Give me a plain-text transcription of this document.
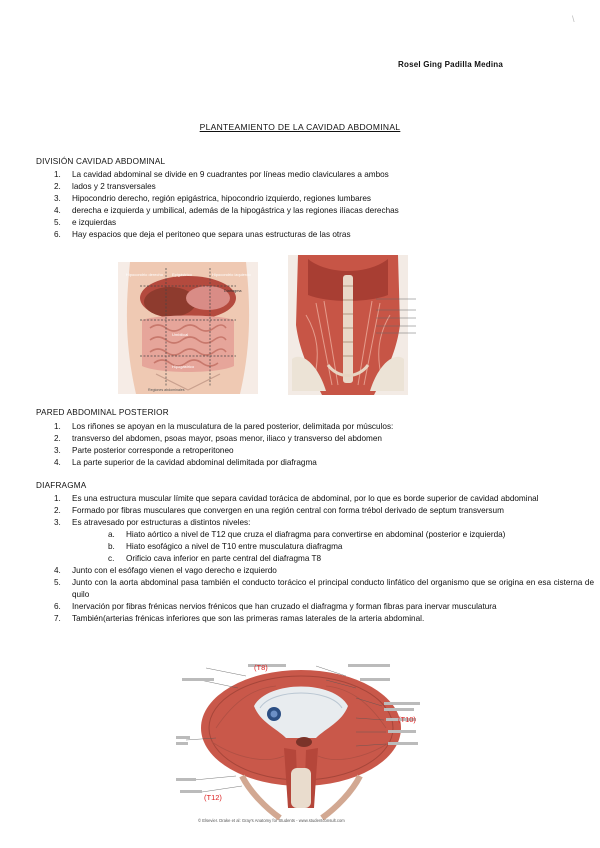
\
Rosel Ging Padilla Medina
PLANTEAMIENTO DE LA CAVIDAD ABDOMINAL
DIVISIÓN CAVIDAD ABDOMINAL
1. La cavidad abdominal se divide en 9 cuadrantes por líneas medio claviculares a ambos
2. lados y 2 transversales
3. Hipocondrio derecho, región epigástrica, hipocondrio izquierdo, regiones lumbares
4. derecha e izquierda y umbilical, además de la hipogástrica y las regiones ilíacas derechas
5. e izquierdas
6. Hay espacios que deja el peritoneo que separa unas estructuras de las otras
Hipocondrio derecho Epigástrico	Hipocondrio izquierdo
Umbilical
Hipogástrico
Diafragma
Regiones abdominales
PARED ABDOMINAL POSTERIOR
1. Los riñones se apoyan en la musculatura de la pared posterior, delimitada por músculos:
2. transverso del abdomen, psoas mayor, psoas menor, iliaco y transverso del abdomen
3. Parte posterior corresponde a retroperitoneo
4. La parte superior de la cavidad abdominal delimitada por diafragma
DIAFRAGMA
1. Es una estructura muscular límite que separa cavidad torácica de abdominal, por lo que es borde superior de cavidad abdominal
2. Formado por fibras musculares que convergen en una región central con forma trébol derivado de septum transversum
3. Es atravesado por estructuras a distintos niveles:
a. Hiato aórtico a nivel de T12 que cruza el diafragma para convertirse en abdominal (posterior e izquierda)
b. Hiato esofágico a nivel de T10 entre musculatura diafragma
c. Orificio cava inferior en parte central del diafragma T8
4. Junto con el esófago vienen el vago derecho e izquierdo
5. Junto con la aorta abdominal pasa también el conducto torácico el principal conducto linfático del organismo que se origina en esa cisterna de quilo
6. Inervación por fibras frénicas nervios frénicos que han cruzado el diafragma y forman fibras para inervar musculatura
7. También(arterias frénicas inferiores que son las primeras ramas laterales de la arteria abdominal.
(T8)
(T10)
(T12)
© Elsevier. Drake et al: Gray's Anatomy for Students - www.studentconsult.com
